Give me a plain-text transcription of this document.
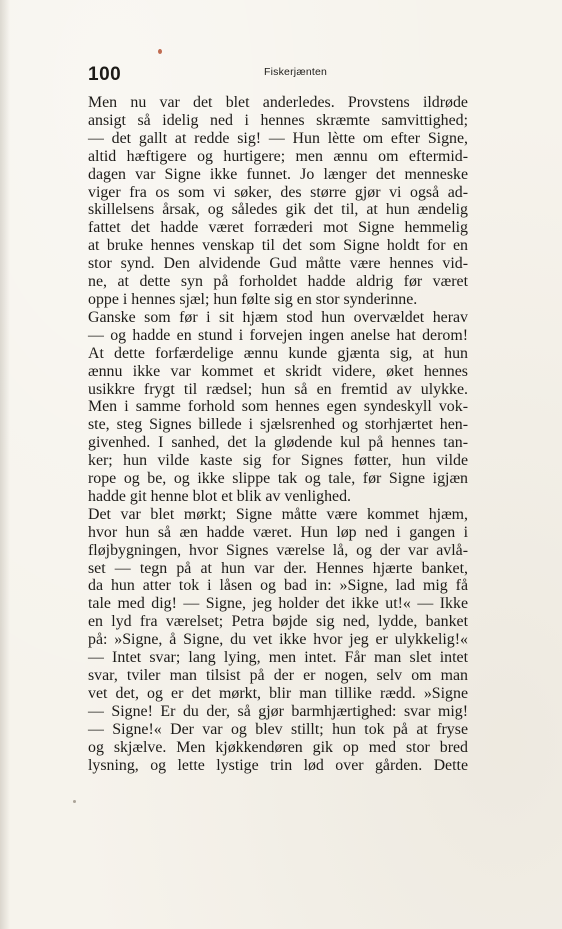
100	Fiskerjænten
Men nu var det blet anderledes. Provstens ildrøde
ansigt så idelig ned i hennes skræmte samvittighed;
— det gallt at redde sig! — Hun lètte om efter Signe,
altid hæftigere og hurtigere; men ænnu om eftermid-
dagen var Signe ikke funnet. Jo længer det menneske
viger fra os som vi søker, des større gjør vi også ad-
skillelsens årsak, og således gik det til, at hun ændelig
fattet det hadde været forræderi mot Signe hemmelig
at bruke hennes venskap til det som Signe holdt for en
stor synd. Den alvidende Gud måtte være hennes vid-
ne, at dette syn på forholdet hadde aldrig før været
oppe i hennes sjæl; hun følte sig en stor synderinne.
Ganske som før i sit hjæm stod hun overvældet herav
— og hadde en stund i forvejen ingen anelse hat derom!
At dette forfærdelige ænnu kunde gjænta sig, at hun
ænnu ikke var kommet et skridt videre, øket hennes
usikkre frygt til rædsel; hun så en fremtid av ulykke.
Men i samme forhold som hennes egen syndeskyll vok-
ste, steg Signes billede i sjælsrenhed og storhjærtet hen-
givenhed. I sanhed, det la glødende kul på hennes tan-
ker; hun vilde kaste sig for Signes føtter, hun vilde
rope og be, og ikke slippe tak og tale, før Signe igjæn
hadde git henne blot et blik av venlighed.
Det var blet mørkt; Signe måtte være kommet hjæm,
hvor hun så æn hadde været. Hun løp ned i gangen i
fløjbygningen, hvor Signes værelse lå, og der var avlå-
set — tegn på at hun var der. Hennes hjærte banket,
da hun atter tok i låsen og bad in: »Signe, lad mig få
tale med dig! — Signe, jeg holder det ikke ut!« — Ikke
en lyd fra værelset; Petra bøjde sig ned, lydde, banket
på: »Signe, å Signe, du vet ikke hvor jeg er ulykkelig!«
— Intet svar; lang lying, men intet. Får man slet intet
svar, tviler man tilsist på der er nogen, selv om man
vet det, og er det mørkt, blir man tillike rædd. »Signe
— Signe! Er du der, så gjør barmhjærtighed: svar mig!
— Signe!« Der var og blev stillt; hun tok på at fryse
og skjælve. Men kjøkkendøren gik op med stor bred
lysning, og lette lystige trin lød over gården. Dette
